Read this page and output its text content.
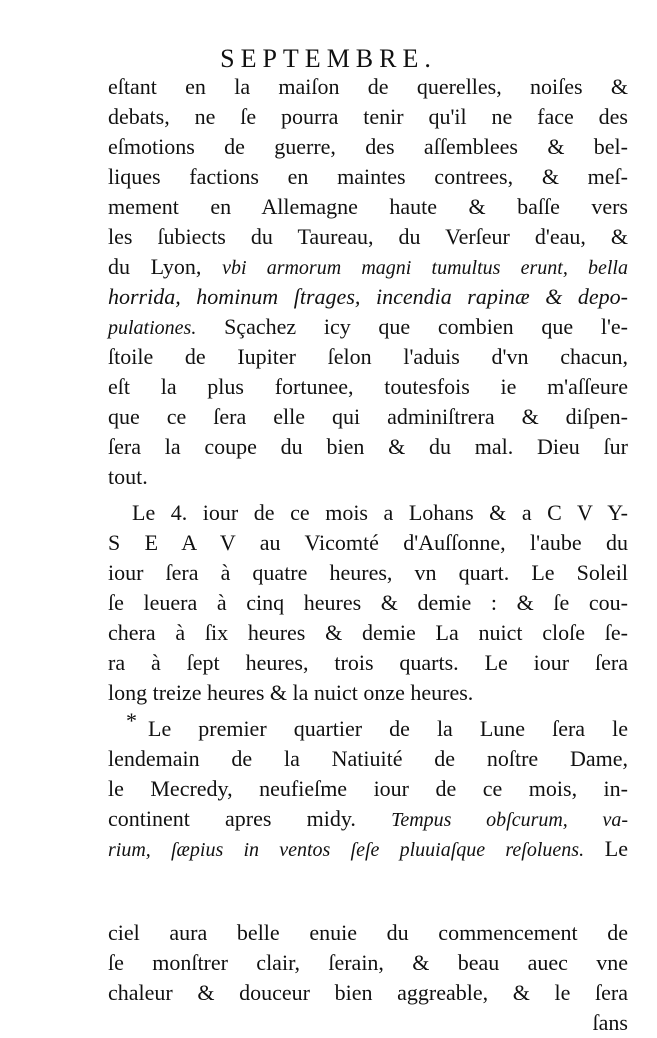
SEPTEMBRE.
eſtant en la maiſon de querelles, noiſes &
debats, ne ſe pourra tenir qu'il ne face des
eſmotions de guerre, des aſſemblees & bel-
liques factions en maintes contrees, & meſ-
mement en Allemagne haute & baſſe vers
les ſubiects du Taureau, du Verſeur d'eau, &
du Lyon, vbi armorum magni tumultus erunt, bella
horrida, hominum ſtrages, incendia rapinæ & depo-
pulationes. Sçachez icy que combien que l'e-
ſtoile de Iupiter ſelon l'aduis d'vn chacun,
eſt la plus fortunee, toutesfois ie m'aſſeure
que ce ſera elle qui adminiſtrera & diſpen-
ſera la coupe du bien & du mal. Dieu ſur
tout.
Le 4. iour de ce mois a Lohans & a C V Y-
S E A V au Vicomté d'Auſſonne, l'aube du
iour ſera à quatre heures, vn quart. Le Soleil
ſe leuera à cinq heures & demie : & ſe cou-
chera à ſix heures & demie La nuict cloſe ſe-
ra à ſept heures, trois quarts. Le iour ſera
long treize heures & la nuict onze heures.
Le premier quartier de la Lune ſera le
lendemain de la Natiuité de noſtre Dame,
le Mecredy, neufieſme iour de ce mois, in-
continent apres midy. Tempus obſcurum, va-
rium, ſæpius in ventos ſeſe pluuiaſque reſoluens. Le
*
ciel aura belle enuie du commencement de
ſe monſtrer clair, ſerain, & beau auec vne
chaleur & douceur bien aggreable, & le ſera
ſans
